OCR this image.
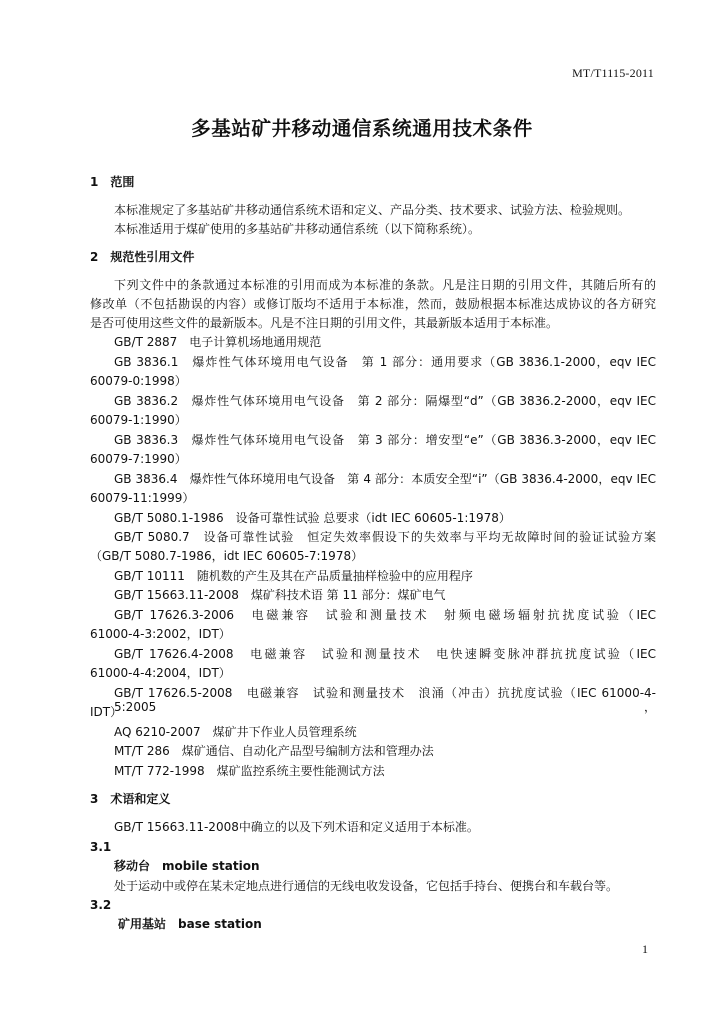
MT/T1115-2011
多基站矿井移动通信系统通用技术条件
1　范围
本标准规定了多基站矿井移动通信系统术语和定义、产品分类、技术要求、试验方法、检验规则。
本标准适用于煤矿使用的多基站矿井移动通信系统（以下简称系统）。
2　规范性引用文件
下列文件中的条款通过本标准的引用而成为本标准的条款。凡是注日期的引用文件，其随后所有的
修改单（不包括勘误的内容）或修订版均不适用于本标准，然而，鼓励根据本标准达成协议的各方研究
是否可使用这些文件的最新版本。凡是不注日期的引用文件，其最新版本适用于本标准。
GB/T 2887　电子计算机场地通用规范
GB 3836.1　爆炸性气体环境用电气设备　第 1 部分：通用要求（GB 3836.1-2000，eqv IEC
60079-0:1998）
GB 3836.2　爆炸性气体环境用电气设备　第 2 部分：隔爆型“d”（GB 3836.2-2000，eqv IEC
60079-1:1990）
GB 3836.3　爆炸性气体环境用电气设备　第 3 部分：增安型“e”（GB 3836.3-2000，eqv IEC
60079-7:1990）
GB 3836.4　爆炸性气体环境用电气设备　第 4 部分：本质安全型“i”（GB 3836.4-2000，eqv IEC
60079-11:1999）
GB/T 5080.1-1986　设备可靠性试验 总要求（idt IEC 60605-1:1978）
GB/T 5080.7　设备可靠性试验　恒定失效率假设下的失效率与平均无故障时间的验证试验方案
（GB/T 5080.7-1986，idt IEC 60605-7:1978）
GB/T 10111　随机数的产生及其在产品质量抽样检验中的应用程序
GB/T 15663.11-2008　煤矿科技术语 第 11 部分：煤矿电气
GB/T 17626.3-2006　电磁兼容　试验和测量技术　射频电磁场辐射抗扰度试验（IEC
61000-4-3:2002，IDT）
GB/T 17626.4-2008　电磁兼容　试验和测量技术　电快速瞬变脉冲群抗扰度试验（IEC
61000-4-4:2004，IDT）
GB/T 17626.5-2008　电磁兼容　试验和测量技术　浪涌（冲击）抗扰度试验（IEC 61000-4-5:2005，
IDT）
AQ 6210-2007　煤矿井下作业人员管理系统
MT/T 286　煤矿通信、自动化产品型号编制方法和管理办法
MT/T 772-1998　煤矿监控系统主要性能测试方法
3　术语和定义
GB/T 15663.11-2008中确立的以及下列术语和定义适用于本标准。
3.1
移动台　mobile station
处于运动中或停在某未定地点进行通信的无线电收发设备，它包括手持台、便携台和车载台等。
3.2
矿用基站　base station
1
